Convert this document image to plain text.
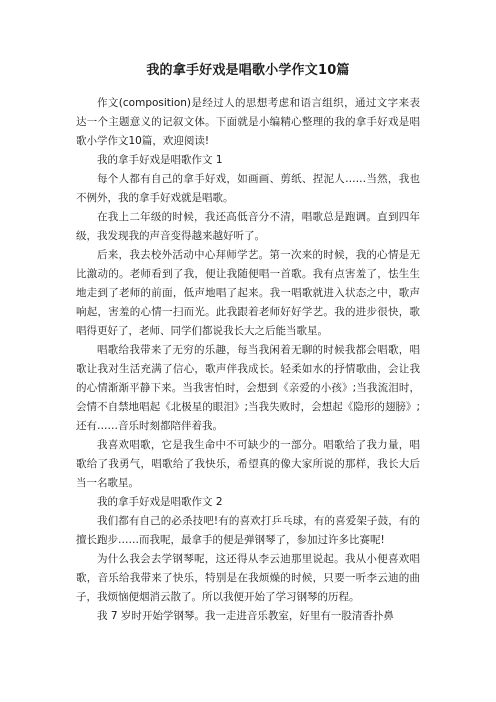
我的拿手好戏是唱歌小学作文10篇

作文(composition)是经过人的思想考虑和语言组织，通过文字来表达一个主题意义的记叙文体。下面就是小编精心整理的我的拿手好戏是唱歌小学作文10篇，欢迎阅读!

我的拿手好戏是唱歌作文 1

每个人都有自己的拿手好戏，如画画、剪纸、捏泥人……当然，我也不例外，我的拿手好戏就是唱歌。

在我上二年级的时候，我还高低音分不清，唱歌总是跑调。直到四年级，我发现我的声音变得越来越好听了。

后来，我去校外活动中心拜师学艺。第一次来的时候，我的心情是无比激动的。老师看到了我，便让我随便唱一首歌。我有点害羞了，怯生生地走到了老师的前面，低声地唱了起来。我一唱歌就进入状态之中，歌声响起，害羞的心情一扫而光。此我跟着老师好好学艺。我的进步很快，歌唱得更好了，老师、同学们都说我长大之后能当歌星。

唱歌给我带来了无穷的乐趣，每当我闲着无聊的时候我都会唱歌，唱歌让我对生活充满了信心，歌声伴我成长。轻柔如水的抒情歌曲，会让我的心情渐渐平静下来。当我害怕时，会想到《亲爱的小孩》;当我流泪时，会情不自禁地唱起《北极星的眼泪》;当我失败时，会想起《隐形的翅膀》;还有……音乐时刻都陪伴着我。

我喜欢唱歌，它是我生命中不可缺少的一部分。唱歌给了我力量，唱歌给了我勇气，唱歌给了我快乐，希望真的像大家所说的那样，我长大后当一名歌星。

我的拿手好戏是唱歌作文 2

我们都有自己的必杀技吧!有的喜欢打乒乓球，有的喜爱架子鼓，有的擅长跑步……而我呢，最拿手的便是弹钢琴了，参加过许多比赛呢!

为什么我会去学钢琴呢，这还得从李云迪那里说起。我从小便喜欢唱歌，音乐给我带来了快乐，特别是在我烦燥的时候，只要一听李云迪的曲子，我烦恼便烟消云散了。所以我便开始了学习钢琴的历程。

我 7 岁时开始学钢琴。我一走进音乐教室，好里有一股清香扑鼻
